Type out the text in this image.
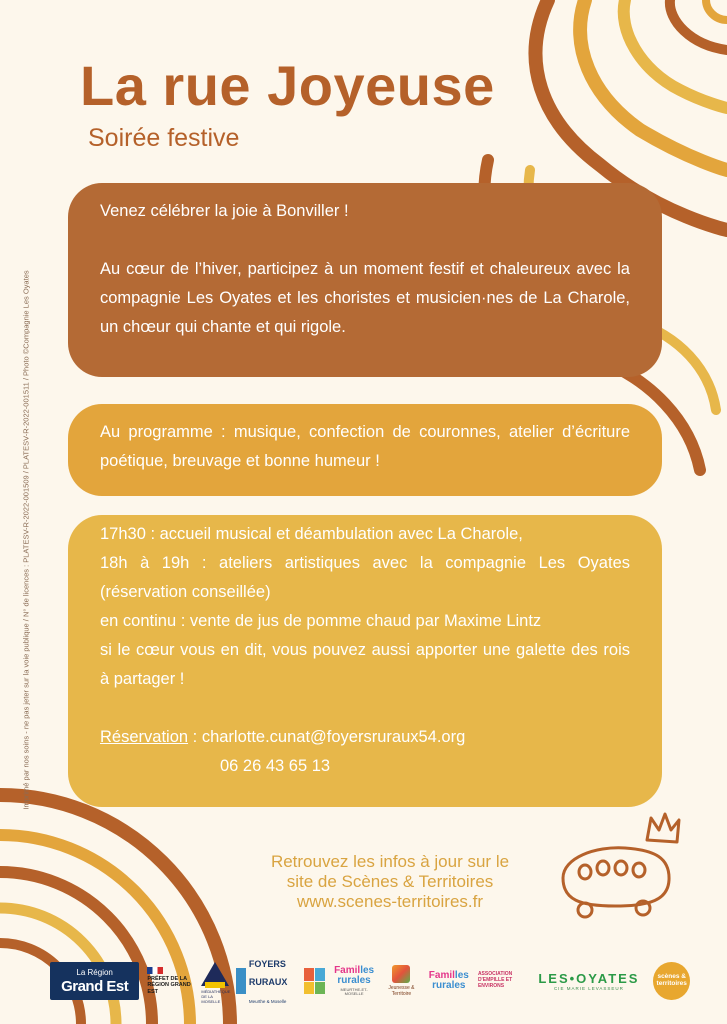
La rue Joyeuse
Soirée festive
Imprimé par nos soins - ne pas jeter sur la voie publique / N° de licences : PLATESV-R-2022-001509 / PLATESV-R-2022-001511 / Photo ©Compagnie Les Oyates

Venez célébrer la joie à Bonviller !

Au cœur de l’hiver, participez à un moment festif et chaleureux avec la compagnie Les Oyates et les choristes et musicien·nes de La Charole, un chœur qui chante et qui rigole.

Au programme : musique, confection de couronnes, atelier d’écriture poétique, breuvage et bonne humeur !

17h30 : accueil musical et déambulation avec La Charole,

18h à 19h : ateliers artistiques avec la compagnie Les Oyates (réservation conseillée)

en continu : vente de jus de pomme chaud par Maxime Lintz

si le cœur vous en dit, vous pouvez aussi apporter une galette des rois à partager !

Réservation : charlotte.cunat@foyersruraux54.org

06 26 43 65 13

Retrouvez les infos à jour sur le
site de Scènes & Territoires
www.scenes-territoires.fr
La Région
Grand Est	PRÉFET DE LA RÉGION GRAND EST	MÉDIATHÈQUE DE LA MOSELLE
FOYERS RURAUX
Meurthe & Moselle
Familles
rurales
MEURTHE-ET-MOSELLE

Jeunesse & Territoire
Familles
rurales
ASSOCIATION D'EMPILLE ET ENVIRONS	LES•OYATES
CIE MARIE LEVASSEUR
scènes & territoires
